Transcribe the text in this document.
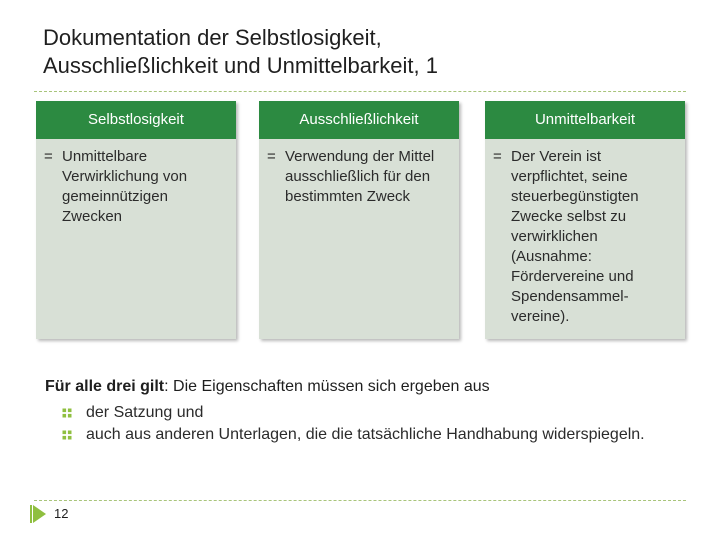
Dokumentation der Selbstlosigkeit,
Ausschließlichkeit und Unmittelbarkeit, 1
Selbstlosigkeit
= Unmittelbare Verwirklichung von gemeinnützigen Zwecken
Ausschließlichkeit
= Verwendung der Mittel ausschließlich für den bestimmten Zweck
Unmittelbarkeit
= Der Verein ist verpflichtet, seine steuerbegünstigten Zwecke selbst zu verwirklichen (Ausnahme: Fördervereine und Spendensammel-vereine).
Für alle drei gilt: Die Eigenschaften müssen sich ergeben aus
der Satzung und
auch aus anderen Unterlagen, die die tatsächliche Handhabung widerspiegeln.
12
